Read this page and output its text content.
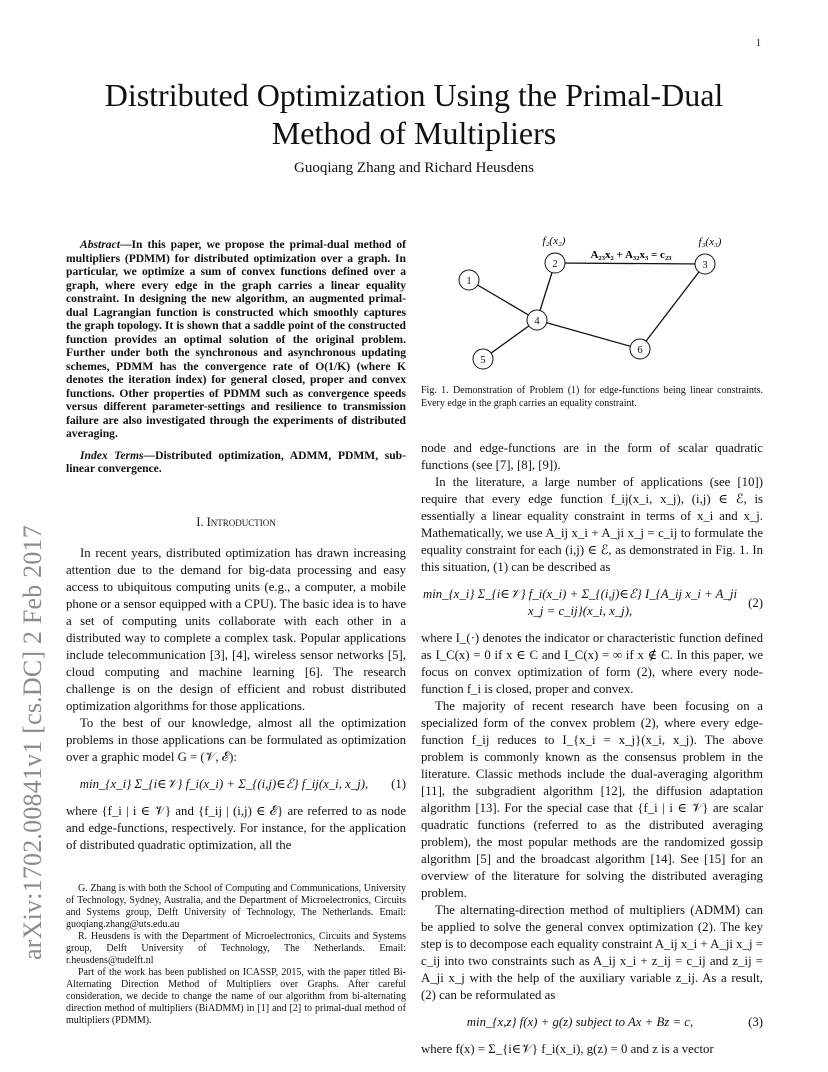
1
arXiv:1702.00841v1 [cs.DC] 2 Feb 2017
Distributed Optimization Using the Primal-Dual Method of Multipliers
Guoqiang Zhang and Richard Heusdens

Abstract—In this paper, we propose the primal-dual method of multipliers (PDMM) for distributed optimization over a graph. In particular, we optimize a sum of convex functions defined over a graph, where every edge in the graph carries a linear equality constraint. In designing the new algorithm, an augmented primal-dual Lagrangian function is constructed which smoothly captures the graph topology. It is shown that a saddle point of the constructed function provides an optimal solution of the original problem. Further under both the synchronous and asynchronous updating schemes, PDMM has the convergence rate of O(1/K) (where K denotes the iteration index) for general closed, proper and convex functions. Other properties of PDMM such as convergence speeds versus different parameter-settings and resilience to transmission failure are also investigated through the experiments of distributed averaging.

Index Terms—Distributed optimization, ADMM, PDMM, sub-linear convergence.

I. Introduction

In recent years, distributed optimization has drawn increasing attention due to the demand for big-data processing and easy access to ubiquitous computing units (e.g., a computer, a mobile phone or a sensor equipped with a CPU). The basic idea is to have a set of computing units collaborate with each other in a distributed way to complete a complex task. Popular applications include telecommunication [3], [4], wireless sensor networks [5], cloud computing and machine learning [6]. The research challenge is on the design of efficient and robust distributed optimization algorithms for those applications.

To the best of our knowledge, almost all the optimization problems in those applications can be formulated as optimization over a graphic model G = (𝒱, ℰ):

min_{x_i} Σ_{i∈𝒱} f_i(x_i) + Σ_{(i,j)∈ℰ} f_ij(x_i, x_j),	(1)

where {f_i | i ∈ 𝒱} and {f_ij | (i,j) ∈ ℰ} are referred to as node and edge-functions, respectively. For instance, for the application of distributed quadratic optimization, all the

G. Zhang is with both the School of Computing and Communications, University of Technology, Sydney, Australia, and the Department of Microelectronics, Circuits and Systems group, Delft University of Technology, The Netherlands. Email: guoqiang.zhang@uts.edu.au

R. Heusdens is with the Department of Microelectronics, Circuits and Systems group, Delft University of Technology, The Netherlands. Email: r.heusdens@tudelft.nl

Part of the work has been published on ICASSP, 2015, with the paper titled Bi-Alternating Direction Method of Multipliers over Graphs. After careful consideration, we decide to change the name of our algorithm from bi-alternating direction method of multipliers (BiADMM) in [1] and [2] to primal-dual method of multipliers (PDMM).

1
2	3
4
5
6
f₂(x₂)	f₃(x₃)
A₂₃x₂ + A₃₂x₃ = c₂₃
Fig. 1. Demonstration of Problem (1) for edge-functions being linear constraints. Every edge in the graph carries an equality constraint.

node and edge-functions are in the form of scalar quadratic functions (see [7], [8], [9]).

In the literature, a large number of applications (see [10]) require that every edge function f_ij(x_i, x_j), (i,j) ∈ ℰ, is essentially a linear equality constraint in terms of x_i and x_j. Mathematically, we use A_ij x_i + A_ji x_j = c_ij to formulate the equality constraint for each (i,j) ∈ ℰ, as demonstrated in Fig. 1. In this situation, (1) can be described as

min_{x_i} Σ_{i∈𝒱} f_i(x_i) + Σ_{(i,j)∈ℰ} I_{A_ij x_i + A_ji x_j = c_ij}(x_i, x_j),
(2)

where I_(·) denotes the indicator or characteristic function defined as I_C(x) = 0 if x ∈ C and I_C(x) = ∞ if x ∉ C. In this paper, we focus on convex optimization of form (2), where every node-function f_i is closed, proper and convex.

The majority of recent research have been focusing on a specialized form of the convex problem (2), where every edge-function f_ij reduces to I_{x_i = x_j}(x_i, x_j). The above problem is commonly known as the consensus problem in the literature. Classic methods include the dual-averaging algorithm [11], the subgradient algorithm [12], the diffusion adaptation algorithm [13]. For the special case that {f_i | i ∈ 𝒱} are scalar quadratic functions (referred to as the distributed averaging problem), the most popular methods are the randomized gossip algorithm [5] and the broadcast algorithm [14]. See [15] for an overview of the literature for solving the distributed averaging problem.

The alternating-direction method of multipliers (ADMM) can be applied to solve the general convex optimization (2). The key step is to decompose each equality constraint A_ij x_i + A_ji x_j = c_ij into two constraints such as A_ij x_i + z_ij = c_ij and z_ij = A_ji x_j with the help of the auxiliary variable z_ij. As a result, (2) can be reformulated as

min_{x,z} f(x) + g(z) subject to Ax + Bz = c,	(3)

where f(x) = Σ_{i∈𝒱} f_i(x_i), g(z) = 0 and z is a vector
